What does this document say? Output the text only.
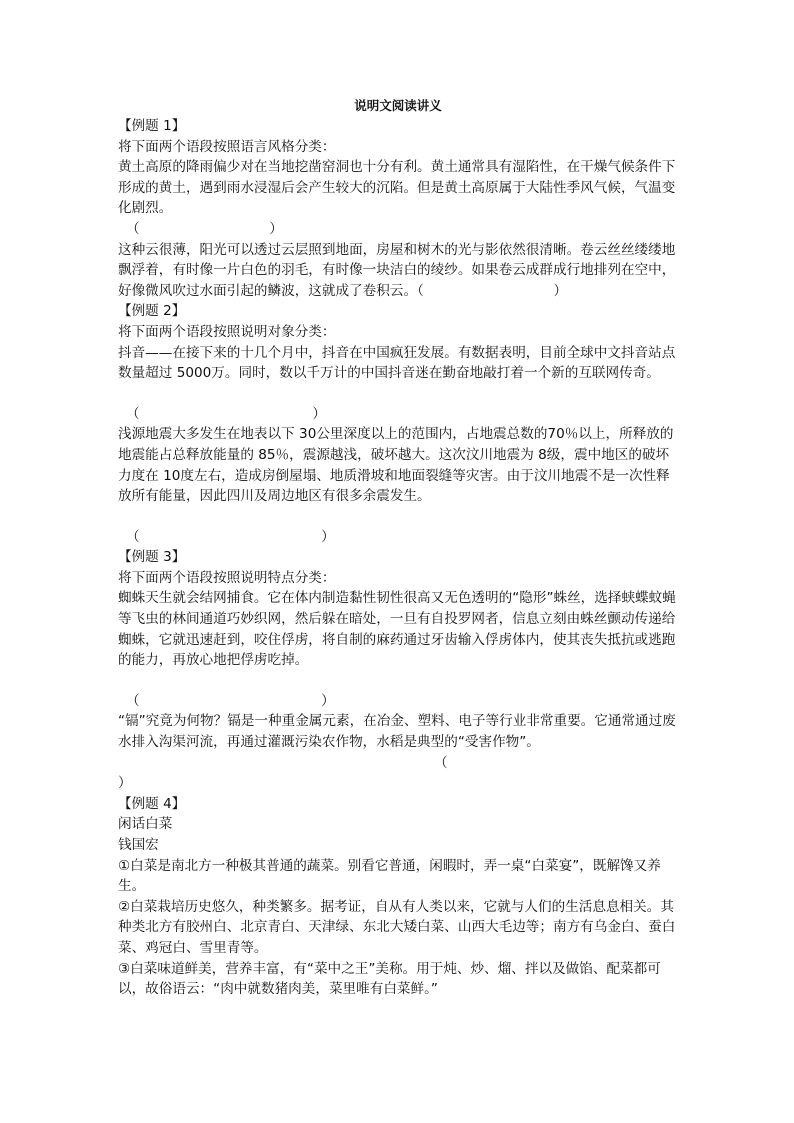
说明文阅读讲义
【例题 1】
将下面两个语段按照语言风格分类：
黄土高原的降雨偏少对在当地挖凿窑洞也十分有利。黄土通常具有湿陷性，在干燥气候条件下形成的黄土，遇到雨水浸湿后会产生较大的沉陷。但是黄土高原属于大陆性季风气候，气温变化剧烈。
（                              ）
这种云很薄，阳光可以透过云层照到地面，房屋和树木的光与影依然很清晰。卷云丝丝缕缕地飘浮着，有时像一片白色的羽毛，有时像一块洁白的绫纱。如果卷云成群成行地排列在空中，好像微风吹过水面引起的鳞波，这就成了卷积云。（                              ）
【例题 2】
将下面两个语段按照说明对象分类：
抖音——在接下来的十几个月中，抖音在中国疯狂发展。有数据表明，目前全球中文抖音站点数量超过 5000万。同时，数以千万计的中国抖音迷在勤奋地敲打着一个新的互联网传奇。
（                                        ）
浅源地震大多发生在地表以下 30公里深度以上的范围内，占地震总数的70％以上，所释放的地震能占总释放能量的 85％，震源越浅，破坏越大。这次汶川地震为 8级，震中地区的破坏力度在 10度左右，造成房倒屋塌、地质滑坡和地面裂缝等灾害。由于汶川地震不是一次性释放所有能量，因此四川及周边地区有很多余震发生。
（                                          ）
【例题 3】
将下面两个语段按照说明特点分类：
蜘蛛天生就会结网捕食。它在体内制造黏性韧性很高又无色透明的“隐形”蛛丝，选择蛱蝶蚊蝇等飞虫的林间通道巧妙织网，然后躲在暗处，一旦有自投罗网者，信息立刻由蛛丝颤动传递给蜘蛛，它就迅速赶到，咬住俘虏，将自制的麻药通过牙齿输入俘虏体内，使其丧失抵抗或逃跑的能力，再放心地把俘虏吃掉。
（                                          ）
“镉”究竟为何物？镉是一种重金属元素，在冶金、塑料、电子等行业非常重要。它通常通过废水排入沟渠河流，再通过灌溉污染农作物，水稻是典型的“受害作物”。
（
）
【例题 4】
闲话白菜
钱国宏
①白菜是南北方一种极其普通的蔬菜。别看它普通，闲暇时，弄一桌“白菜宴”，既解馋又养生。
②白菜栽培历史悠久，种类繁多。据考证，自从有人类以来，它就与人们的生活息息相关。其种类北方有胶州白、北京青白、天津绿、东北大矮白菜、山西大毛边等；南方有乌金白、蚕白菜、鸡冠白、雪里青等。
③白菜味道鲜美，营养丰富，有“菜中之王”美称。用于炖、炒、熘、拌以及做馅、配菜都可以，故俗语云：“肉中就数猪肉美，菜里唯有白菜鲜。”
